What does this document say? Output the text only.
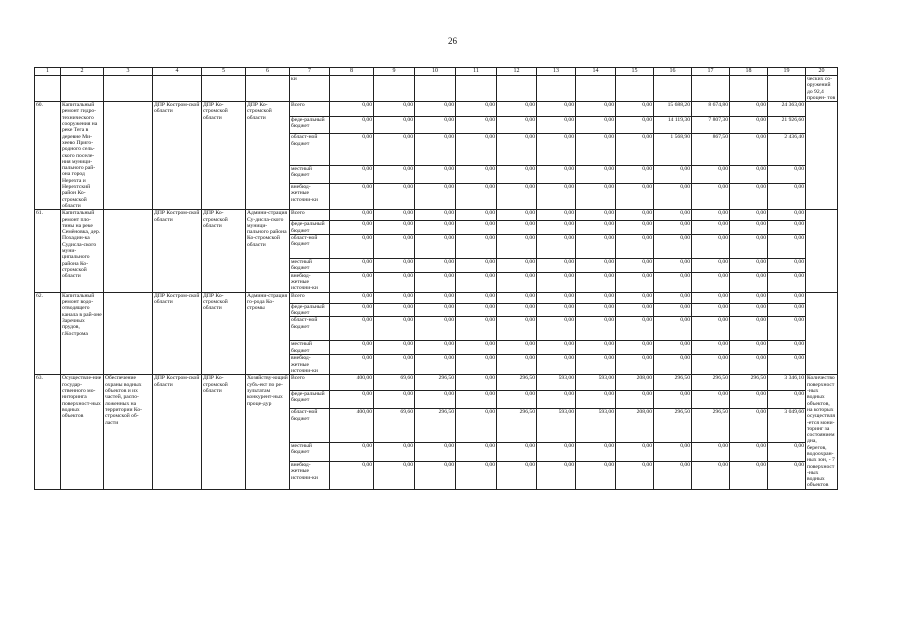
26
1	2	3	4	5	6	7	8	9	10	11	12	13	14	15	16	17	18	19	20
						ки													ческих со- оружений до 92,4 процен- тов
60.	Капитальный ремонт гидро-технического сооружения на реке Тега в деревне Ми-хеево Приго-родного сель-ского поселе-ния муници-пального рай-она город Нерехта и Нерехтский район Ко-стромской области		ДПР Костром-ской области	ДПР Ко-стромской области	ДПР Ко-стромской области	Всего	0,00	0,00	0,00	0,00	0,00	0,00	0,00	0,00	15 688,20	8 674,80	0,00	24 363,00	
						феде-ральный бюджет	0,00	0,00	0,00	0,00	0,00	0,00	0,00	0,00	14 119,30	7 807,30	0,00	21 926,60	
						област-ной бюджет	0,00	0,00	0,00	0,00	0,00	0,00	0,00	0,00	1 568,90	867,50	0,00	2 436,40	
						местный бюджет	0,00	0,00	0,00	0,00	0,00	0,00	0,00	0,00	0,00	0,00	0,00	0,00	
						внебюд-жетные источни-ки	0,00	0,00	0,00	0,00	0,00	0,00	0,00	0,00	0,00	0,00	0,00	0,00	
61.	Капитальный ремонт пло-тины на реке Семёновка, дер. Похадин-ка Судисла-ского муни-ципального района Ко-стромской области		ДПР Костром-ской области	ДПР Ко-стромской области	Админи-страция Су-дисла-ского муници-пального района Ко-стромской области	Всего	0,00	0,00	0,00	0,00	0,00	0,00	0,00	0,00	0,00	0,00	0,00	0,00	
						феде-ральный бюджет	0,00	0,00	0,00	0,00	0,00	0,00	0,00	0,00	0,00	0,00	0,00	0,00	
						област-ной бюджет	0,00	0,00	0,00	0,00	0,00	0,00	0,00	0,00	0,00	0,00	0,00	0,00	
						местный бюджет	0,00	0,00	0,00	0,00	0,00	0,00	0,00	0,00	0,00	0,00	0,00	0,00	
						внебюд-жетные источни-ки	0,00	0,00	0,00	0,00	0,00	0,00	0,00	0,00	0,00	0,00	0,00	0,00	
62.	Капитальный ремонт водо-отводящего канала в рай-оне Заречных прудов, г.Кострома		ДПР Костром-ской области	ДПР Ко-стромской области	Админи-страция го-рода Ко-стромы	Всего	0,00	0,00	0,00	0,00	0,00	0,00	0,00	0,00	0,00	0,00	0,00	0,00	
						феде-ральный бюджет	0,00	0,00	0,00	0,00	0,00	0,00	0,00	0,00	0,00	0,00	0,00	0,00	
						област-ной бюджет	0,00	0,00	0,00	0,00	0,00	0,00	0,00	0,00	0,00	0,00	0,00	0,00	
						местный бюджет	0,00	0,00	0,00	0,00	0,00	0,00	0,00	0,00	0,00	0,00	0,00	0,00	
						внебюд-жетные источни-ки	0,00	0,00	0,00	0,00	0,00	0,00	0,00	0,00	0,00	0,00	0,00	0,00	
63.	Осуществле-ние государ-ственного мо-ниторинга поверхност-ных водных объектов	Обеспечение охраны водных объектов и их частей, распо-ложенных на территории Ко-стромской об-ласти	ДПР Костром-ской области	ДПР Ко-стромской области	Хозяйству-ющий субъ-ект по ре-зультатам конкурент-ных проце-дур	Всего	400,00	69,60	296,50	0,00	296,50	593,00	593,00	208,00	296,50	296,50	296,50	3 346,10	Количество поверхност-ных водных объектов, на которых осуществля-ется мони-торинг за состоянием дна, берегов, водоохран-ных зон, - 7 поверхност-ных водных объектов
						феде-ральный бюджет	0,00	0,00	0,00	0,00	0,00	0,00	0,00	0,00	0,00	0,00	0,00	0,00	
						област-ной бюджет	400,00	69,60	296,50	0,00	296,50	593,00	593,00	208,00	296,50	296,50	0,00	3 049,60	
						местный бюджет	0,00	0,00	0,00	0,00	0,00	0,00	0,00	0,00	0,00	0,00	0,00	0,00	
						внебюд-жетные источни-ки	0,00	0,00	0,00	0,00	0,00	0,00	0,00	0,00	0,00	0,00	0,00	0,00	
